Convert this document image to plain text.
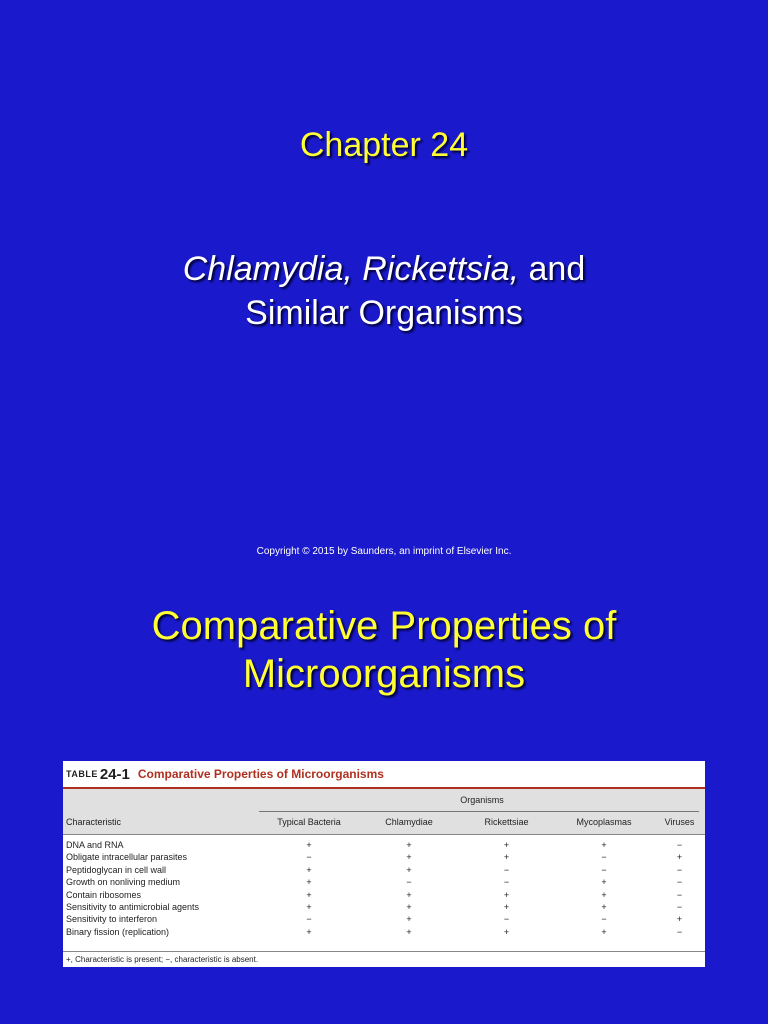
Chapter 24
Chlamydia, Rickettsia, and
Similar Organisms
Copyright © 2015 by Saunders, an imprint of Elsevier Inc.
Comparative Properties of
Microorganisms
TABLE 24-1 Comparative Properties of Microorganisms
Organisms
Characteristic	Typical Bacteria	Chlamydiae	Rickettsiae	Mycoplasmas	Viruses
DNA and RNA	+	+	+	+	−
Obligate intracellular parasites	−	+	+	−	+
Peptidoglycan in cell wall	+	+	−	−	−
Growth on nonliving medium	+	−	−	+	−
Contain ribosomes	+	+	+	+	−
Sensitivity to antimicrobial agents	+	+	+	+	−
Sensitivity to interferon	−	+	−	−	+
Binary fission (replication)	+	+	+	+	−
+, Characteristic is present; −, characteristic is absent.
